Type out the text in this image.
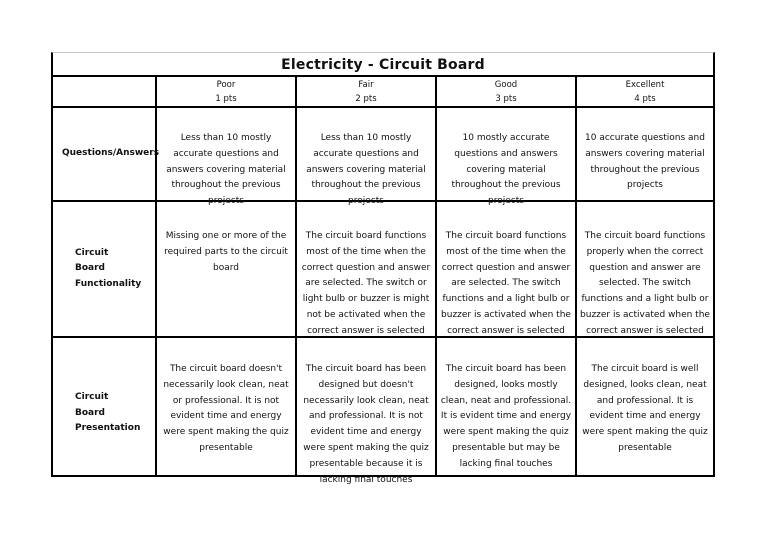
Electricity - Circuit Board
Poor
1 pts
Fair
2 pts
Good
3 pts
Excellent
4 pts
Questions/Answers
Less than 10 mostly accurate questions and answers covering material throughout the previous projects
Less than 10 mostly accurate questions and answers covering material throughout the previous projects
10 mostly accurate questions and answers covering material throughout the previous projects
10 accurate questions and answers covering material throughout the previous projects
Circuit Board Functionality
Missing one or more of the required parts to the circuit board
The circuit board functions most of the time when the correct question and answer are selected. The switch or light bulb or buzzer is might not be activated when the correct answer is selected
The circuit board functions most of the time when the correct question and answer are selected. The switch functions and a light bulb or buzzer is activated when the correct answer is selected
The circuit board functions properly when the correct question and answer are selected. The switch functions and a light bulb or buzzer is activated when the correct answer is selected
Circuit Board Presentation
The circuit board doesn't necessarily look clean, neat or professional. It is not evident time and energy were spent making the quiz presentable
The circuit board has been designed but doesn't necessarily look clean, neat and professional. It is not evident time and energy were spent making the quiz presentable because it is lacking final touches
The circuit board has been designed, looks mostly clean, neat and professional. It is evident time and energy were spent making the quiz presentable but may be lacking final touches
The circuit board is well designed, looks clean, neat and professional. It is evident time and energy were spent making the quiz presentable
